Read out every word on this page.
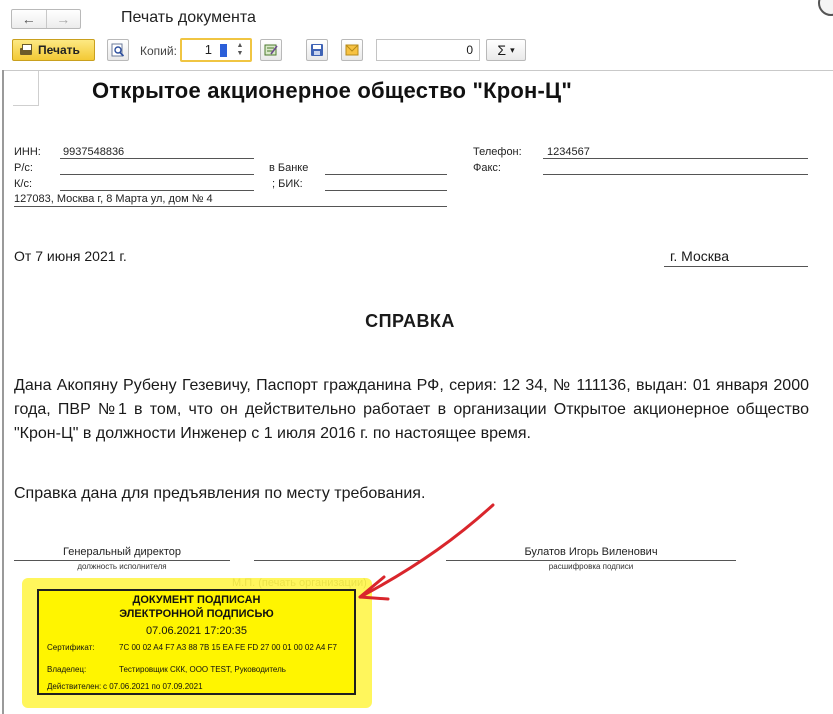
←	→	Печать документа
Печать	Копий: 1	▲
▼	0	Σ ▾
Открытое акционерное общество "Крон-Ц"
ИНН: 9937548836
Р/с:	в Банке
К/с:	; БИК:
127083, Москва г, 8 Марта ул, дом № 4
Телефон: 1234567
Факс:
От 7 июня 2021 г.	г. Москва
СПРАВКА
Дана Акопяну Рубену Гезевичу, Паспорт гражданина РФ, серия: 12 34, № 111136, выдан: 01 января 2000 года, ПВР №1 в том, что он действительно работает в организации Открытое акционерное общество "Крон-Ц" в должности Инженер с 1 июля 2016 г. по настоящее время.
Справка дана для предъявления по месту требования.
Генеральный директор
должность исполнителя
Булатов Игорь Виленович
расшифровка подписи
ДОКУМЕНТ ПОДПИСАН
ЭЛЕКТРОННОЙ ПОДПИСЬЮ
07.06.2021 17:20:35
Сертификат:	7C 00 02 A4 F7 A3 88 7B 15 EA FE FD 27 00 01 00 02 A4 F7
Владелец:	Тестировщик СКК, ООО TEST, Руководитель
Действителен: с 07.06.2021 по 07.09.2021
